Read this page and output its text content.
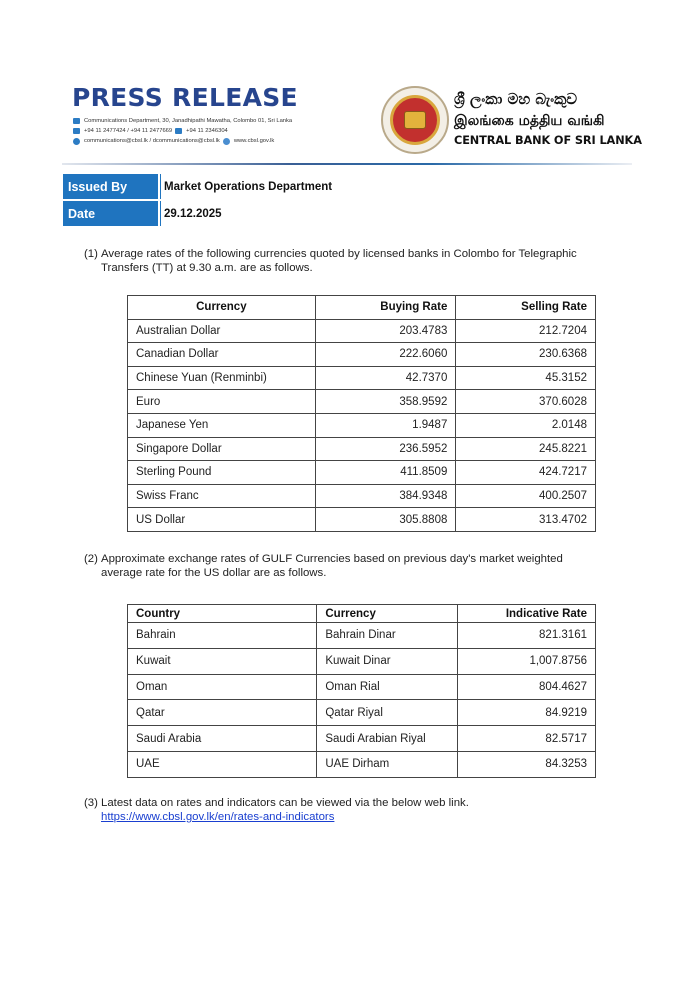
PRESS RELEASE
Communications Department, 30, Janadhipathi Mawatha, Colombo 01, Sri Lanka
+94 11 2477424 / +94 11 2477669 +94 11 2346304
communications@cbsl.lk / dcommunications@cbsl.lk www.cbsl.gov.lk
ශ්‍රී ලංකා මහ බැංකුව
இலங்கை மத்திய வங்கி
CENTRAL BANK OF SRI LANKA
Issued By	Market Operations Department
Date	29.12.2025
(1) Average rates of the following currencies quoted by licensed banks in Colombo for Telegraphic
Transfers (TT) at 9.30 a.m. are as follows.
Currency	Buying Rate	Selling Rate
Australian Dollar	203.4783	212.7204
Canadian Dollar	222.6060	230.6368
Chinese Yuan (Renminbi)	42.7370	45.3152
Euro	358.9592	370.6028
Japanese Yen	1.9487	2.0148
Singapore Dollar	236.5952	245.8221
Sterling Pound	411.8509	424.7217
Swiss Franc	384.9348	400.2507
US Dollar	305.8808	313.4702
(2) Approximate exchange rates of GULF Currencies based on previous day's market weighted
average rate for the US dollar are as follows.
Country	Currency	Indicative Rate
Bahrain	Bahrain Dinar	821.3161
Kuwait	Kuwait Dinar	1,007.8756
Oman	Oman Rial	804.4627
Qatar	Qatar Riyal	84.9219
Saudi Arabia	Saudi Arabian Riyal	82.5717
UAE	UAE Dirham	84.3253
(3) Latest data on rates and indicators can be viewed via the below web link.
https://www.cbsl.gov.lk/en/rates-and-indicators
